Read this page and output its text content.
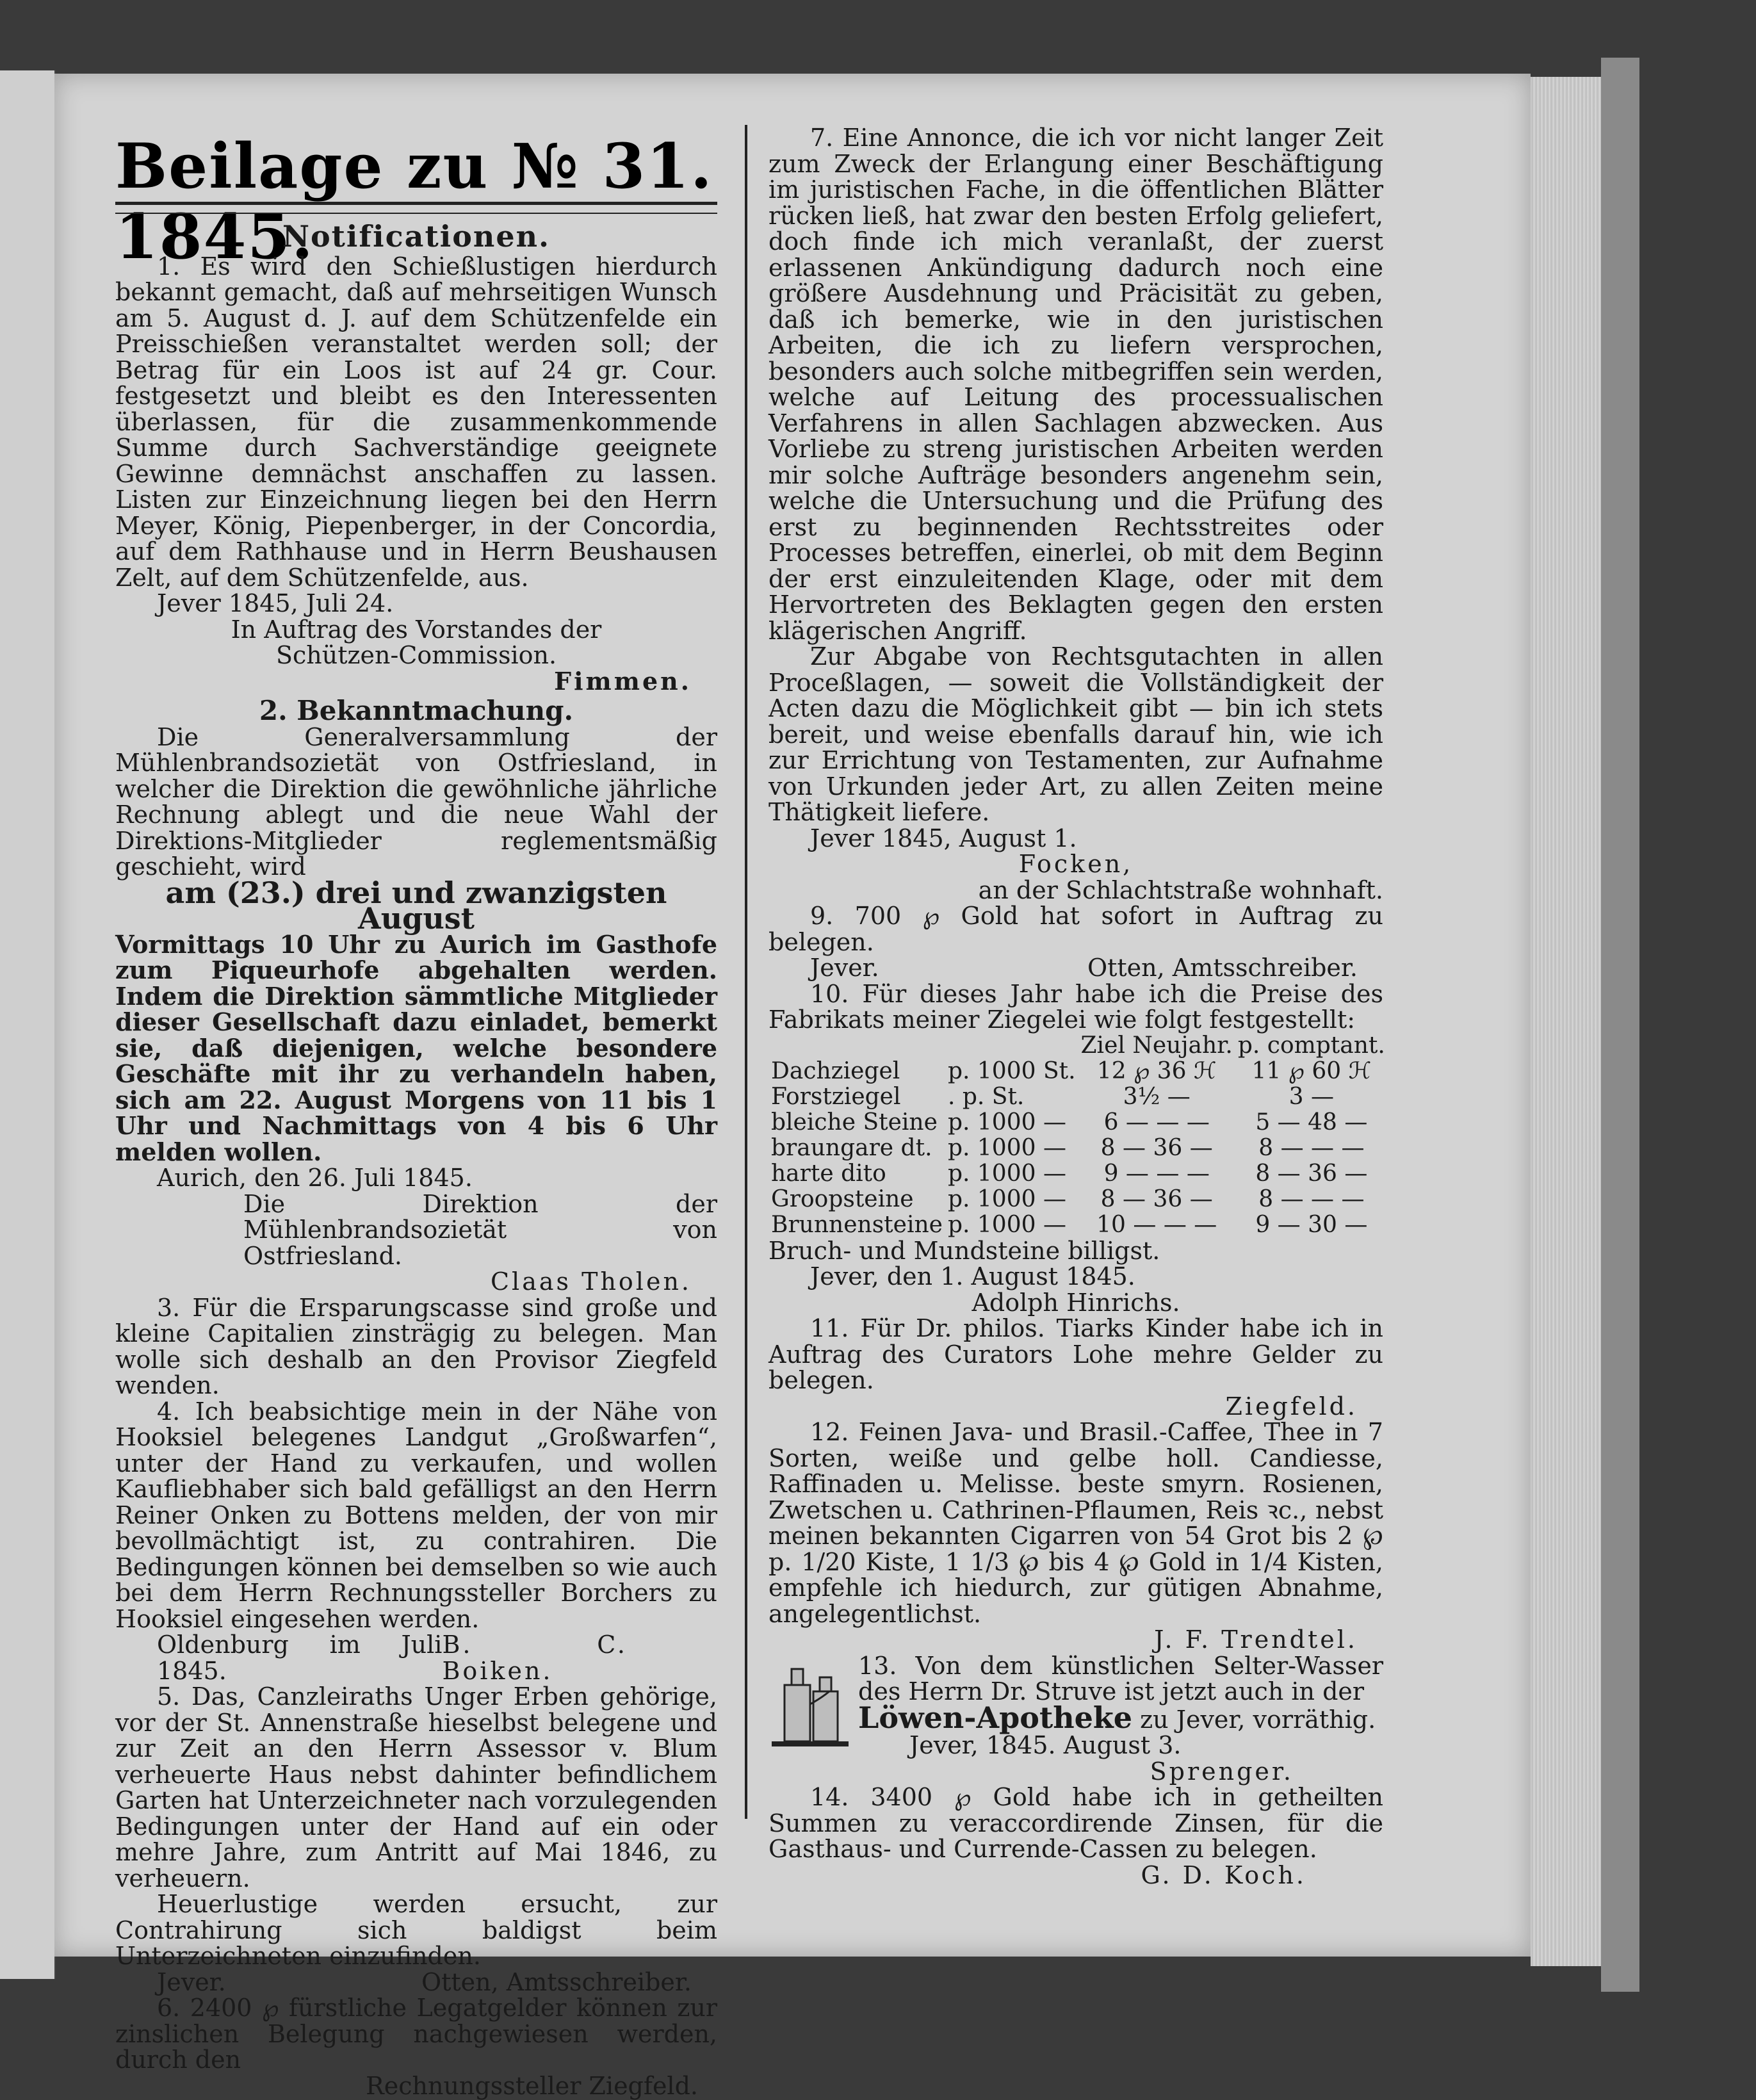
Beilage zu № 31. 1845.

Notificationen.

1. Es wird den Schießlustigen hierdurch bekannt gemacht, daß auf mehrseitigen Wunsch am 5. August d. J. auf dem Schützenfelde ein Preisschießen veranstaltet werden soll; der Betrag für ein Loos ist auf 24 gr. Cour. festgesetzt und bleibt es den Interessenten überlassen, für die zusammenkommende Summe durch Sachverständige geeignete Gewinne demnächst anschaffen zu lassen. Listen zur Einzeichnung liegen bei den Herrn Meyer, König, Piepenberger, in der Concordia, auf dem Rathhause und in Herrn Beushausen Zelt, auf dem Schützenfelde, aus.

Jever 1845, Juli 24.

In Auftrag des Vorstandes der

Schützen-Commission.

Fimmen.

2. Bekanntmachung.

Die Generalversammlung der Mühlenbrandsozietät von Ostfriesland, in welcher die Direktion die gewöhnliche jährliche Rechnung ablegt und die neue Wahl der Direktions-Mitglieder reglementsmäßig geschieht, wird

am (23.) drei und zwanzigsten August

Vormittags 10 Uhr zu Aurich im Gasthofe zum Piqueurhofe abgehalten werden. Indem die Direktion sämmtliche Mitglieder dieser Gesellschaft dazu einladet, bemerkt sie, daß diejenigen, welche besondere Geschäfte mit ihr zu verhandeln haben, sich am 22. August Morgens von 11 bis 1 Uhr und Nachmittags von 4 bis 6 Uhr melden wollen.

Aurich, den 26. Juli 1845.

Die Direktion der Mühlenbrandsozietät von Ostfriesland.

Claas Tholen.

3. Für die Ersparungscasse sind große und kleine Capitalien zinsträgig zu belegen. Man wolle sich deshalb an den Provisor Ziegfeld wenden.

4. Ich beabsichtige mein in der Nähe von Hooksiel belegenes Landgut „Großwarfen“, unter der Hand zu verkaufen, und wollen Kaufliebhaber sich bald gefälligst an den Herrn Reiner Onken zu Bottens melden, der von mir bevollmächtigt ist, zu contrahiren. Die Bedingungen können bei demselben so wie auch bei dem Herrn Rechnungssteller Borchers zu Hooksiel eingesehen werden.

Oldenburg im Juli 1845.
B. C. Boiken.

5. Das, Canzleiraths Unger Erben gehörige, vor der St. Annenstraße hieselbst belegene und zur Zeit an den Herrn Assessor v. Blum verheuerte Haus nebst dahinter befindlichem Garten hat Unterzeichneter nach vorzulegenden Bedingungen unter der Hand auf ein oder mehre Jahre, zum Antritt auf Mai 1846, zu verheuern.

Heuerlustige werden ersucht, zur Contrahirung sich baldigst beim Unterzeichneten einzufinden.

Jever.	Otten, Amtsschreiber.

6. 2400 ℘ fürstliche Legatgelder können zur zinslichen Belegung nachgewiesen werden, durch den

Rechnungssteller Ziegfeld.

7. Eine Annonce, die ich vor nicht langer Zeit zum Zweck der Erlangung einer Beschäftigung im juristischen Fache, in die öffentlichen Blätter rücken ließ, hat zwar den besten Erfolg geliefert, doch finde ich mich veranlaßt, der zuerst erlassenen Ankündigung dadurch noch eine größere Ausdehnung und Präcisität zu geben, daß ich bemerke, wie in den juristischen Arbeiten, die ich zu liefern versprochen, besonders auch solche mitbegriffen sein werden, welche auf Leitung des processualischen Verfahrens in allen Sachlagen abzwecken. Aus Vorliebe zu streng juristischen Arbeiten werden mir solche Aufträge besonders angenehm sein, welche die Untersuchung und die Prüfung des erst zu beginnenden Rechtsstreites oder Processes betreffen, einerlei, ob mit dem Beginn der erst einzuleitenden Klage, oder mit dem Hervortreten des Beklagten gegen den ersten klägerischen Angriff.

Zur Abgabe von Rechtsgutachten in allen Proceßlagen, — soweit die Vollständigkeit der Acten dazu die Möglichkeit gibt — bin ich stets bereit, und weise ebenfalls darauf hin, wie ich zur Errichtung von Testamenten, zur Aufnahme von Urkunden jeder Art, zu allen Zeiten meine Thätigkeit liefere.

Jever 1845, August 1.

Focken,

an der Schlachtstraße wohnhaft.

9. 700 ℘ Gold hat sofort in Auftrag zu belegen.

Jever.	Otten, Amtsschreiber.

10. Für dieses Jahr habe ich die Preise des Fabrikats meiner Ziegelei wie folgt festgestellt:

		Ziel Neujahr.	p. comptant.
Dachziegel	p. 1000 St.	12 ℘ 36 ℋ	11 ℘ 60 ℋ
Forstziegel	. p. St.	3½ —	3 —
bleiche Steine	p. 1000 —	6 — — —	5 — 48 —
braungare dt.	p. 1000 —	8 — 36 —	8 — — —
harte dito	p. 1000 —	9 — — —	8 — 36 —
Groopsteine	p. 1000 —	8 — 36 —	8 — — —
Brunnensteine	p. 1000 —	10 — — —	9 — 30 —

Bruch- und Mundsteine billigst.

Jever, den 1. August 1845.

Adolph Hinrichs.

11. Für Dr. philos. Tiarks Kinder habe ich in Auftrag des Curators Lohe mehre Gelder zu belegen.

Ziegfeld.

12. Feinen Java- und Brasil.-Caffee, Thee in 7 Sorten, weiße und gelbe holl. Candiesse, Raffinaden u. Melisse. beste smyrn. Rosienen, Zwetschen u. Cathrinen-Pflaumen, Reis ꝛc., nebst meinen bekannten Cigarren von 54 Grot bis 2 ℘ p. 1/20 Kiste, 1 1/3 ℘ bis 4 ℘ Gold in 1/4 Kisten, empfehle ich hiedurch, zur gütigen Abnahme, angelegentlichst.

J. F. Trendtel.

13. Von dem künstlichen Selter-Wasser des Herrn Dr. Struve ist jetzt auch in der

Löwen-Apotheke zu Jever, vorräthig.

Jever, 1845. August 3.

Sprenger.

14. 3400 ℘ Gold habe ich in getheilten Summen zu veraccordirende Zinsen, für die Gasthaus- und Currende-Cassen zu belegen.

G. D. Koch.
